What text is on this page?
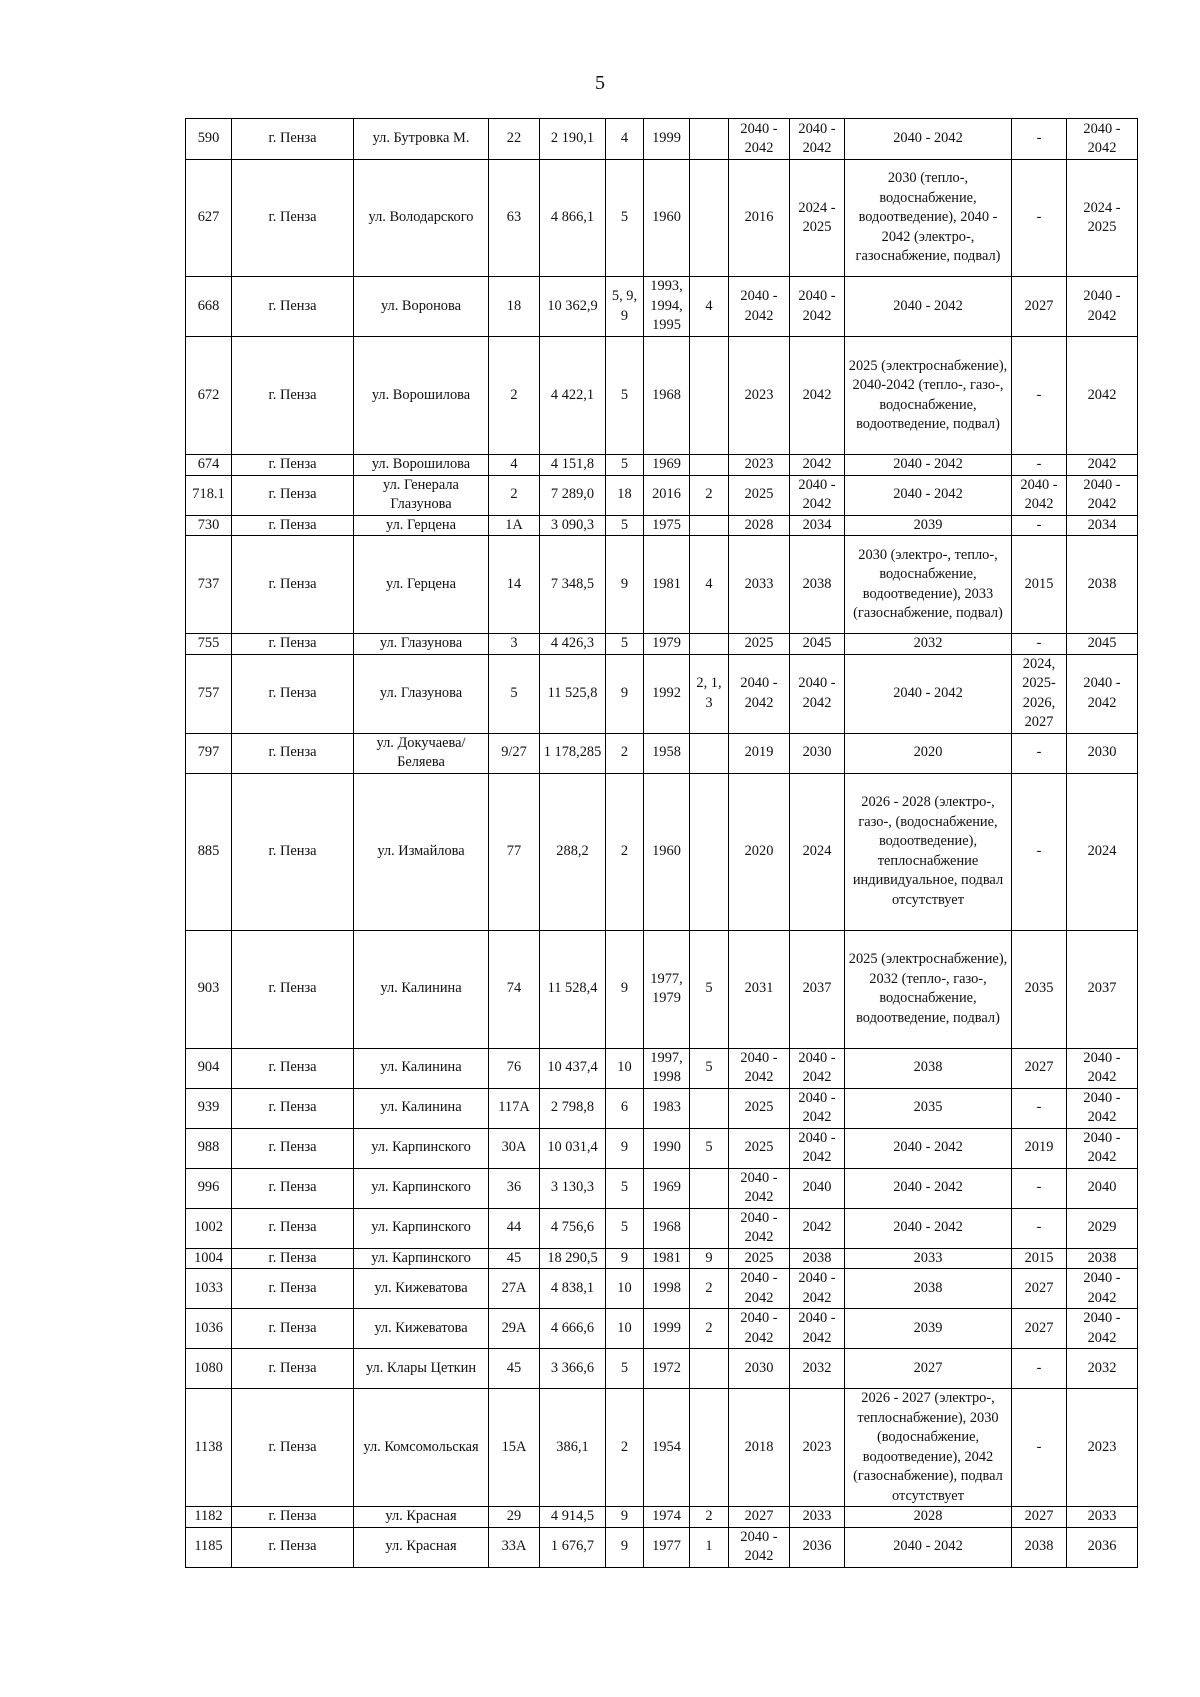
5
590	г. Пенза	ул. Бутровка М.	22	2 190,1	4	1999		2040 - 2042	2040 - 2042	2040 - 2042	-	2040 - 2042
627	г. Пенза	ул. Володарского	63	4 866,1	5	1960		2016	2024 - 2025	2030 (тепло-, водоснабжение, водоотведение), 2040 - 2042 (электро-, газоснабжение, подвал)	-	2024 - 2025
668	г. Пенза	ул. Воронова	18	10 362,9	5, 9, 9	1993, 1994, 1995	4	2040 - 2042	2040 - 2042	2040 - 2042	2027	2040 - 2042
672	г. Пенза	ул. Ворошилова	2	4 422,1	5	1968		2023	2042	2025 (электроснабжение), 2040-2042 (тепло-, газо-, водоснабжение, водоотведение, подвал)	-	2042
674	г. Пенза	ул. Ворошилова	4	4 151,8	5	1969		2023	2042	2040 - 2042	-	2042
718.1	г. Пенза	ул. Генерала Глазунова	2	7 289,0	18	2016	2	2025	2040 - 2042	2040 - 2042	2040 - 2042	2040 - 2042
730	г. Пенза	ул. Герцена	1А	3 090,3	5	1975		2028	2034	2039	-	2034
737	г. Пенза	ул. Герцена	14	7 348,5	9	1981	4	2033	2038	2030 (электро-, тепло-, водоснабжение, водоотведение), 2033 (газоснабжение, подвал)	2015	2038
755	г. Пенза	ул. Глазунова	3	4 426,3	5	1979		2025	2045	2032	-	2045
757	г. Пенза	ул. Глазунова	5	11 525,8	9	1992	2, 1, 3	2040 - 2042	2040 - 2042	2040 - 2042	2024, 2025-2026, 2027	2040 - 2042
797	г. Пенза	ул. Докучаева/ Беляева	9/27	1 178,285	2	1958		2019	2030	2020	-	2030
885	г. Пенза	ул. Измайлова	77	288,2	2	1960		2020	2024	2026 - 2028 (электро-, газо-, (водоснабжение, водоотведение), теплоснабжение индивидуальное, подвал отсутствует	-	2024
903	г. Пенза	ул. Калинина	74	11 528,4	9	1977, 1979	5	2031	2037	2025 (электроснабжение), 2032 (тепло-, газо-, водоснабжение, водоотведение, подвал)	2035	2037
904	г. Пенза	ул. Калинина	76	10 437,4	10	1997, 1998	5	2040 - 2042	2040 - 2042	2038	2027	2040 - 2042
939	г. Пенза	ул. Калинина	117А	2 798,8	6	1983		2025	2040 - 2042	2035	-	2040 - 2042
988	г. Пенза	ул. Карпинского	30А	10 031,4	9	1990	5	2025	2040 - 2042	2040 - 2042	2019	2040 - 2042
996	г. Пенза	ул. Карпинского	36	3 130,3	5	1969		2040 - 2042	2040	2040 - 2042	-	2040
1002	г. Пенза	ул. Карпинского	44	4 756,6	5	1968		2040 - 2042	2042	2040 - 2042	-	2029
1004	г. Пенза	ул. Карпинского	45	18 290,5	9	1981	9	2025	2038	2033	2015	2038
1033	г. Пенза	ул. Кижеватова	27А	4 838,1	10	1998	2	2040 - 2042	2040 - 2042	2038	2027	2040 - 2042
1036	г. Пенза	ул. Кижеватова	29А	4 666,6	10	1999	2	2040 - 2042	2040 - 2042	2039	2027	2040 - 2042
1080	г. Пенза	ул. Клары Цеткин	45	3 366,6	5	1972		2030	2032	2027	-	2032
1138	г. Пенза	ул. Комсомольская	15А	386,1	2	1954		2018	2023	2026 - 2027 (электро-, теплоснабжение), 2030 (водоснабжение, водоотведение), 2042 (газоснабжение), подвал отсутствует	-	2023
1182	г. Пенза	ул. Красная	29	4 914,5	9	1974	2	2027	2033	2028	2027	2033
1185	г. Пенза	ул. Красная	33А	1 676,7	9	1977	1	2040 - 2042	2036	2040 - 2042	2038	2036
